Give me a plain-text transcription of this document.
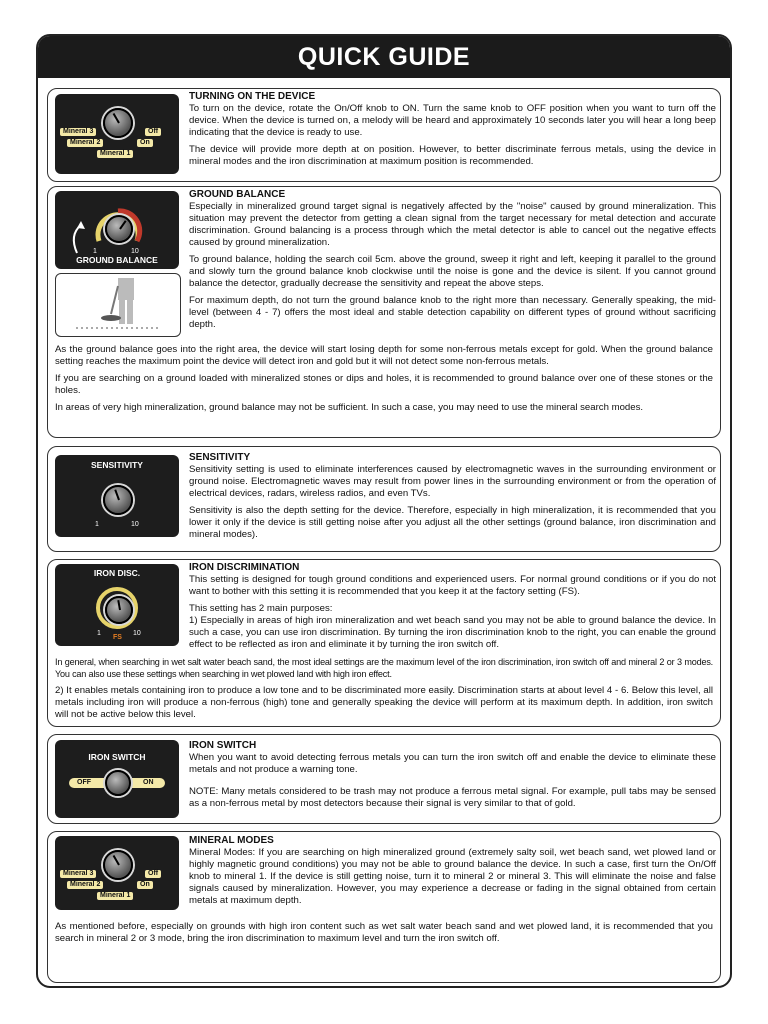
QUICK GUIDE
Mineral 3
Mineral 2
Mineral 1
Off
On
TURNING ON THE DEVICE

To turn on the device, rotate the On/Off knob to ON. Turn the same knob to OFF position when you want to turn off the device. When the device is turned on, a melody will be heard and approximately 10 seconds later you will hear a long beep indicating that the device is ready to use.

The device will provide more depth at on position. However, to better discriminate ferrous metals, using the device in mineral modes and the iron discrimination at maximum position is recommended.

1	10
GROUND BALANCE
GROUND BALANCE

Especially in mineralized ground target signal is negatively affected by the "noise" caused by ground mineralization. This situation may prevent the detector from getting a clean signal from the target necessary for metal detection and accurate discrimination. Ground balancing is a process through which the metal detector is able to cancel out the negative effects caused by ground mineralization.

To ground balance, holding the search coil 5cm. above the ground, sweep it right and left, keeping it parallel to the ground and slowly turn the ground balance knob clockwise until the noise is gone and the device is silent. If you cannot ground balance the detector, gradually decrease the sensitivity and repeat the above steps.

For maximum depth, do not turn the ground balance knob to the right more than necessary. Generally speaking, the mid-level (between 4 - 7) offers the most ideal and stable detection capability on different types of ground without sacrificing depth.

As the ground balance goes into the right area, the device will start losing depth for some non-ferrous metals except for gold. When the ground balance setting reaches the maximum point the device will detect iron and gold but it will not detect some non-ferrous metals.

If you are searching on a ground loaded with mineralized stones or dips and holes, it is recommended to ground balance over one of these stones or the holes.

In areas of very high mineralization, ground balance may not be sufficient. In such a case, you may need to use the mineral search modes.

SENSITIVITY
1	10
SENSITIVITY

Sensitivity setting is used to eliminate interferences caused by electromagnetic waves in the surrounding environment or ground noise. Electromagnetic waves may result from power lines in the surrounding environment or from the operation of electrical devices, radars, wireless radios, and even TVs.

Sensitivity is also the depth setting for the device. Therefore, especially in high mineralization, it is recommended that you lower it only if the device is still getting noise after you adjust all the other settings (ground balance, iron discrimination and mineral modes).

IRON DISC.
1
FS
10
IRON DISCRIMINATION

This setting is designed for tough ground conditions and experienced users. For normal ground conditions or if you do not want to bother with this setting it is recommended that you keep it at the factory setting (FS).

This setting has 2 main purposes:

1) Especially in areas of high iron mineralization and wet beach sand you may not be able to ground balance the device. In such a case, you can use iron discrimination. By turning the iron discrimination knob to the right, you can enable the ground effect to be reflected as iron and eliminate it by turning the iron switch off.

In general, when searching in wet salt water beach sand, the most ideal settings are the maximum level of the iron discrimination, iron switch off and mineral 2 or 3 modes. You can also use these settings when searching in wet plowed land with high iron effect.

2) It enables metals containing iron to produce a low tone and to be discriminated more easily. Discrimination starts at about level 4 - 6. Below this level, all metals including iron will produce a non-ferrous (high) tone and generally speaking the device will perform at its maximum depth. In addition, iron switch will not be active below this level.

IRON SWITCH
OFF	ON
IRON SWITCH

When you want to avoid detecting ferrous metals you can turn the iron switch off and enable the device to eliminate these metals and not produce a warning tone.

NOTE: Many metals considered to be trash may not produce a ferrous metal signal. For example, pull tabs may be sensed as a non-ferrous metal by most detectors because their signal is very similar to that of gold.

Mineral 3
Mineral 2
Mineral 1
Off
On
MINERAL MODES

Mineral Modes: If you are searching on high mineralized ground (extremely salty soil, wet beach sand, wet plowed land or highly magnetic ground conditions) you may not be able to ground balance the device. In such a case, first turn the On/Off knob to mineral 1. If the device is still getting noise, turn it to mineral 2 or mineral 3. This will eliminate the noise and false signals caused by mineralization. However, you may experience a decrease or fading in the signal obtained from certain metals at maximum depth.

As mentioned before, especially on grounds with high iron content such as wet salt water beach sand and wet plowed land, it is recommended that you search in mineral 2 or 3 mode, bring the iron discrimination to maximum level and turn the iron switch off.
